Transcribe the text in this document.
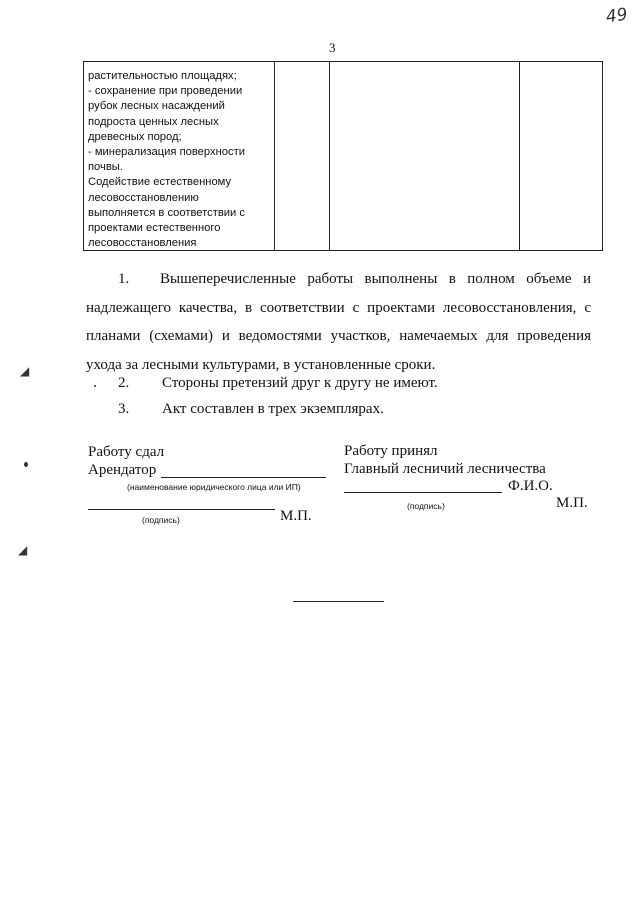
49
3
растительностью площадях;
- сохранение при проведении
рубок лесных насаждений
подроста ценных лесных
древесных пород;
- минерализация поверхности
почвы.
Содействие естественному
лесовосстановлению
выполняется в соответствии с
проектами естественного
лесовосстановления
1. Вышеперечисленные работы выполнены в полном объеме и надлежащего качества, в соответствии с проектами лесовосстановления, с планами (схемами) и ведомостями участков, намечаемых для проведения ухода за лесными культурами, в установленные сроки.
2. Стороны претензий друг к другу не имеют.
3. Акт составлен в трех экземплярах.
Работу сдал
Арендатор
(наименование юридического лица или ИП)
(подпись)	М.П.
Работу принял
Главный лесничий лесничества
Ф.И.О.
(подпись)	М.П.
◢
◢
